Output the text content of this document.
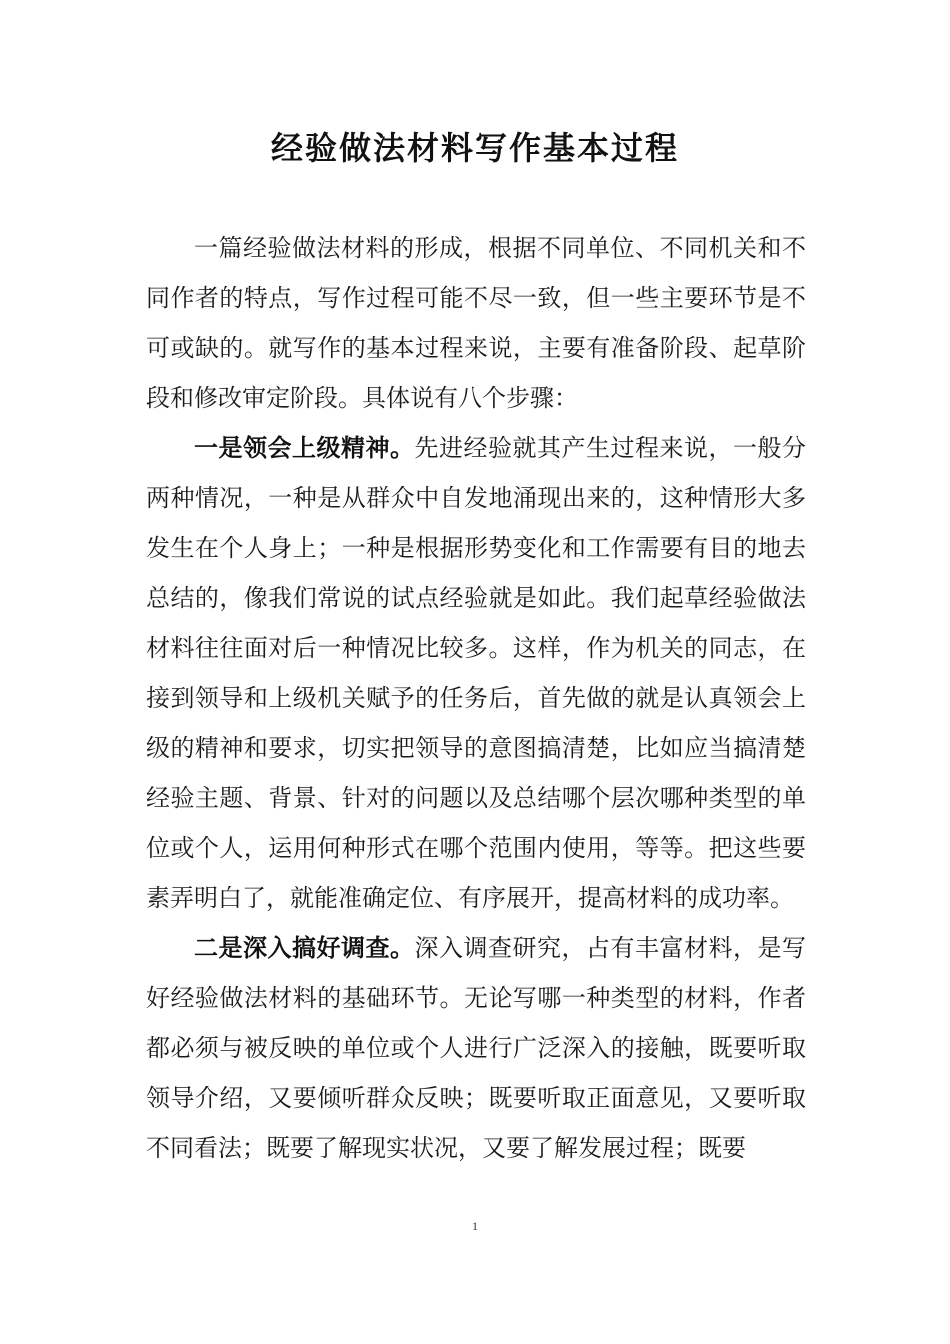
经验做法材料写作基本过程

一篇经验做法材料的形成，根据不同单位、不同机关和不同作者的特点，写作过程可能不尽一致，但一些主要环节是不可或缺的。就写作的基本过程来说，主要有准备阶段、起草阶段和修改审定阶段。具体说有八个步骤：

一是领会上级精神。先进经验就其产生过程来说，一般分两种情况，一种是从群众中自发地涌现出来的，这种情形大多发生在个人身上；一种是根据形势变化和工作需要有目的地去总结的，像我们常说的试点经验就是如此。我们起草经验做法材料往往面对后一种情况比较多。这样，作为机关的同志，在接到领导和上级机关赋予的任务后，首先做的就是认真领会上级的精神和要求，切实把领导的意图搞清楚，比如应当搞清楚经验主题、背景、针对的问题以及总结哪个层次哪种类型的单位或个人，运用何种形式在哪个范围内使用，等等。把这些要素弄明白了，就能准确定位、有序展开，提高材料的成功率。

二是深入搞好调查。深入调查研究，占有丰富材料，是写好经验做法材料的基础环节。无论写哪一种类型的材料，作者都必须与被反映的单位或个人进行广泛深入的接触，既要听取领导介绍，又要倾听群众反映；既要听取正面意见，又要听取不同看法；既要了解现实状况，又要了解发展过程；既要

1
